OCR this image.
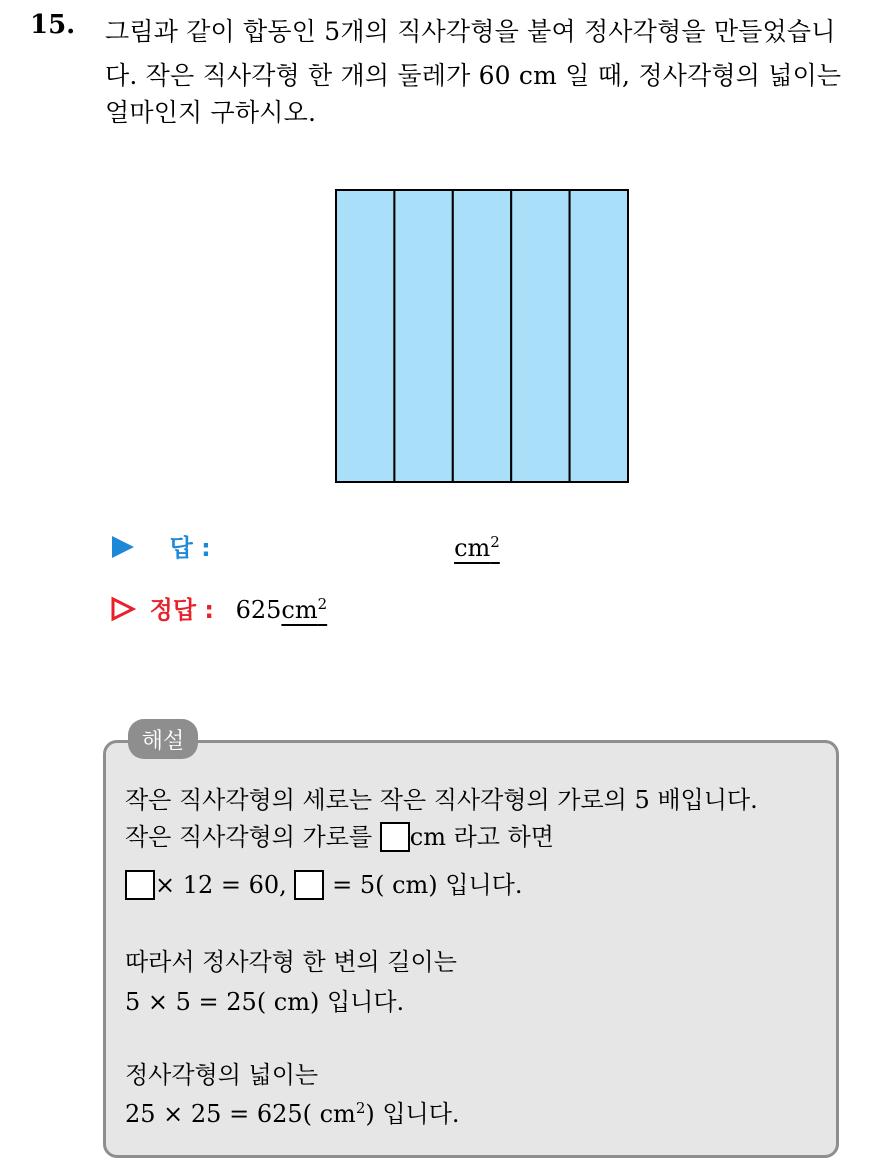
15. 그림과 같이 합동인 5개의 직사각형을 붙여 정사각형을 만들었습니
다. 작은 직사각형 한 개의 둘레가 60 cm 일 때, 정사각형의 넓이는
얼마인지 구하시오.
답 :	$cm^2$
정답 : $625cm^2$
해설
작은 직사각형의 세로는 작은 직사각형의 가로의 5 배입니다.
작은 직사각형의 가로를 cm 라고 하면
× 12 = 60, = 5( cm) 입니다.
따라서 정사각형 한 변의 길이는
5 × 5 = 25( cm) 입니다.
정사각형의 넓이는
25 × 25 = 625( $cm^2$) 입니다.
